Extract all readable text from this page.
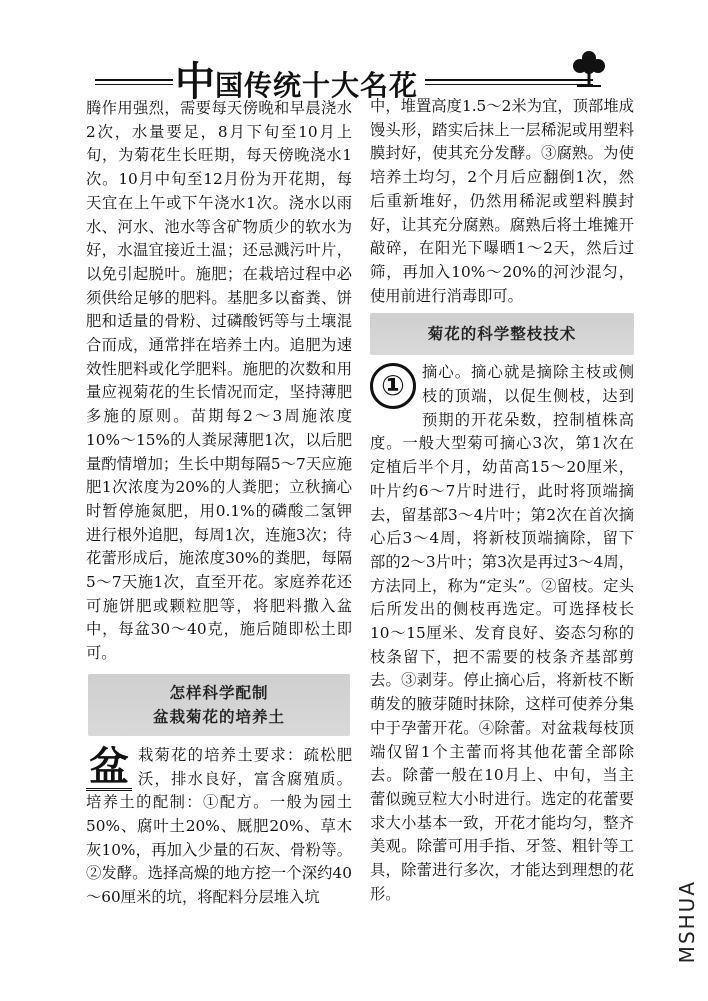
中国传统十大名花

腾作用强烈，需要每天傍晚和早晨浇水2次，水量要足，8月下旬至10月上旬，为菊花生长旺期，每天傍晚浇水1次。10月中旬至12月份为开花期，每天宜在上午或下午浇水1次。浇水以雨水、河水、池水等含矿物质少的软水为好，水温宜接近土温；还忌溅污叶片，以免引起脱叶。施肥；在栽培过程中必须供给足够的肥料。基肥多以畜粪、饼肥和适量的骨粉、过磷酸钙等与土壤混合而成，通常拌在培养土内。追肥为速效性肥料或化学肥料。施肥的次数和用量应视菊花的生长情况而定，坚持薄肥多施的原则。苗期每2～3周施浓度10%～15%的人粪尿薄肥1次，以后肥量酌情增加；生长中期每隔5～7天应施肥1次浓度为20%的人粪肥；立秋摘心时暂停施氮肥，用0.1%的磷酸二氢钾进行根外追肥，每周1次，连施3次；待花蕾形成后，施浓度30%的粪肥，每隔5～7天施1次，直至开花。家庭养花还可施饼肥或颗粒肥等，将肥料撒入盆中，每盆30～40克，施后随即松土即可。

怎样科学配制
盆栽菊花的培养土

盆 栽菊花的培养土要求：疏松肥沃，排水良好，富含腐殖质。培养土的配制：①配方。一般为园土50%、腐叶土20%、厩肥20%、草木灰10%，再加入少量的石灰、骨粉等。②发酵。选择高燥的地方挖一个深约40～60厘米的坑，将配料分层堆入坑

中，堆置高度1.5～2米为宜，顶部堆成馒头形，踏实后抹上一层稀泥或用塑料膜封好，使其充分发酵。③腐熟。为使培养土均匀，2个月后应翻倒1次，然后重新堆好，仍然用稀泥或塑料膜封好，让其充分腐熟。腐熟后将土堆摊开敲碎，在阳光下曝晒1～2天，然后过筛，再加入10%～20%的河沙混匀，使用前进行消毒即可。

菊花的科学整枝技术

①	摘心。摘心就是摘除主枝或侧枝的顶端，以促生侧枝，达到预期的开花朵数，控制植株高度。一般大型菊可摘心3次，第1次在定植后半个月，幼苗高15～20厘米，叶片约6～7片时进行，此时将顶端摘去，留基部3～4片叶；第2次在首次摘心后3～4周，将新枝顶端摘除，留下部的2～3片叶；第3次是再过3～4周，方法同上，称为“定头”。②留枝。定头后所发出的侧枝再选定。可选择枝长10～15厘米、发育良好、姿态匀称的枝条留下，把不需要的枝条齐基部剪去。③剥芽。停止摘心后，将新枝不断萌发的腋芽随时抹除，这样可使养分集中于孕蕾开花。④除蕾。对盆栽每枝顶端仅留1个主蕾而将其他花蕾全部除去。除蕾一般在10月上、中旬，当主蕾似豌豆粒大小时进行。选定的花蕾要求大小基本一致，开花才能均匀，整齐美观。除蕾可用手指、牙签、粗针等工具，除蕾进行多次，才能达到理想的花形。	MSHUA
